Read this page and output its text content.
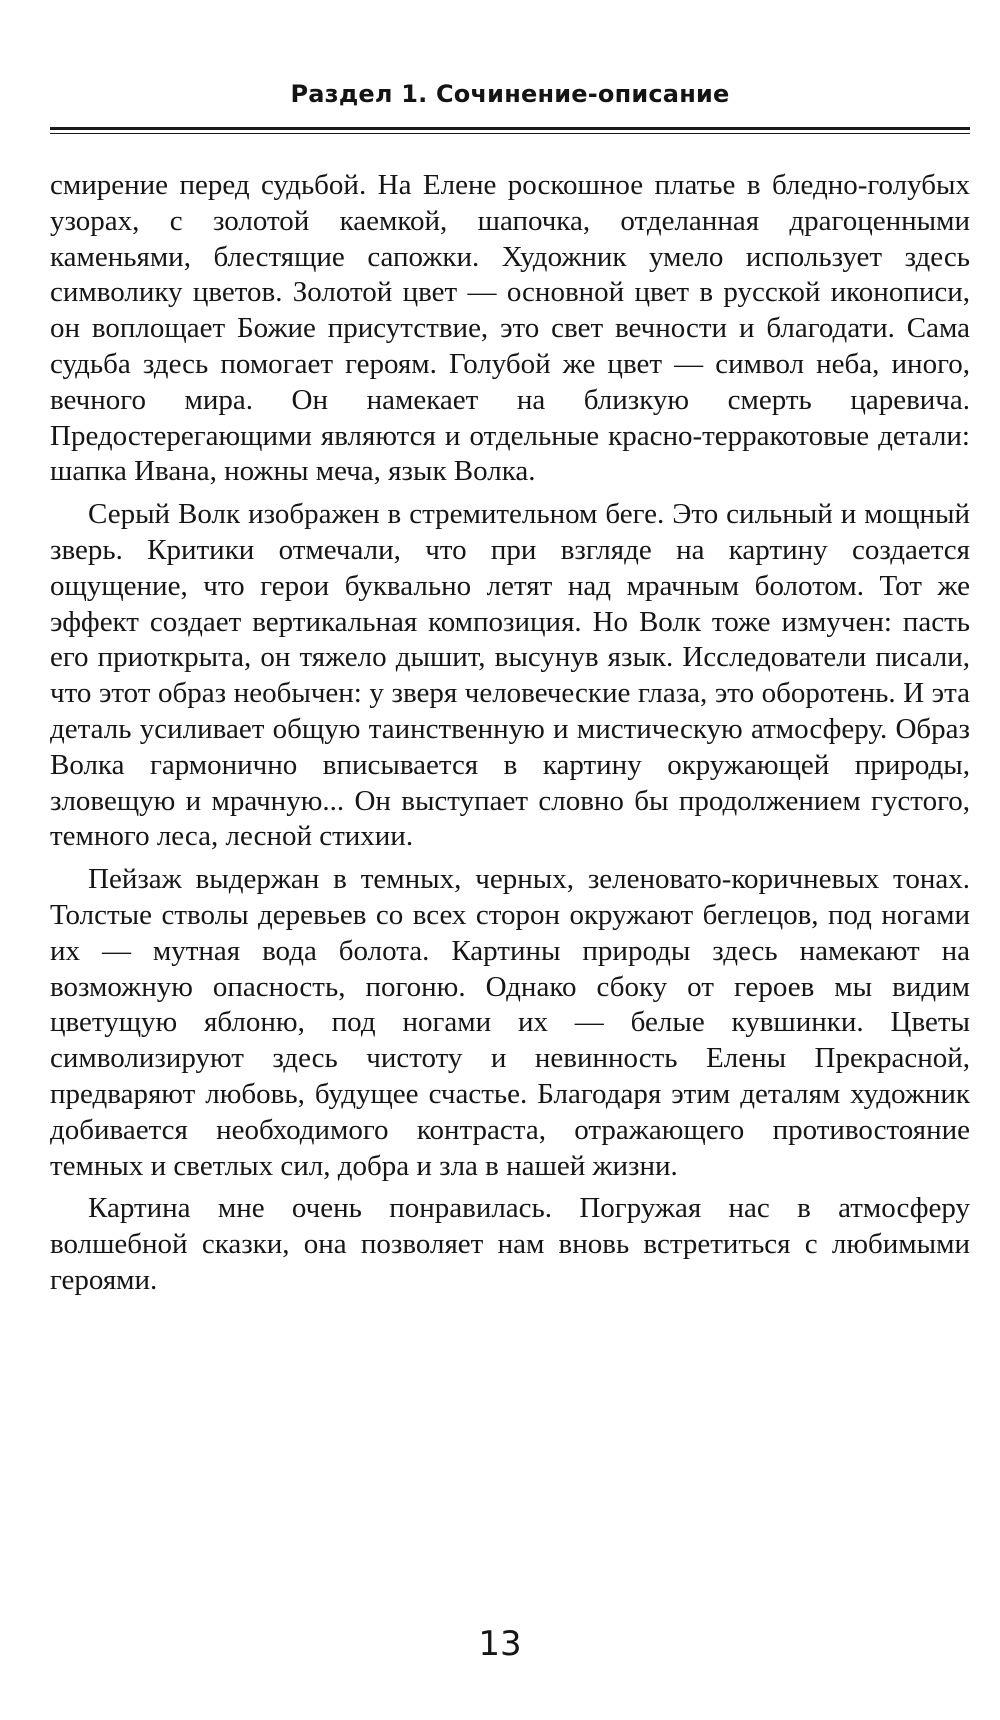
Раздел 1. Сочинение-описание

смирение перед судьбой. На Елене роскошное платье в бледно-голубых узорах, с золотой каемкой, шапочка, отделанная драгоценными каменьями, блестящие сапожки. Художник умело использует здесь символику цветов. Золотой цвет — основной цвет в русской иконописи, он воплощает Божие присутствие, это свет вечности и благодати. Сама судьба здесь помогает героям. Голубой же цвет — символ неба, иного, вечного мира. Он намекает на близкую смерть царевича. Предостерегающими являются и отдельные красно-терракотовые детали: шапка Ивана, ножны меча, язык Волка.

Серый Волк изображен в стремительном беге. Это сильный и мощный зверь. Критики отмечали, что при взгляде на картину создается ощущение, что герои буквально летят над мрачным болотом. Тот же эффект создает вертикальная композиция. Но Волк тоже измучен: пасть его приоткрыта, он тяжело дышит, высунув язык. Исследователи писали, что этот образ необычен: у зверя человеческие глаза, это оборотень. И эта деталь усиливает общую таинственную и мистическую атмосферу. Образ Волка гармонично вписывается в картину окружающей природы, зловещую и мрачную... Он выступает словно бы продолжением густого, темного леса, лесной стихии.

Пейзаж выдержан в темных, черных, зеленовато-коричневых тонах. Толстые стволы деревьев со всех сторон окружают беглецов, под ногами их — мутная вода болота. Картины природы здесь намекают на возможную опасность, погоню. Однако сбоку от героев мы видим цветущую яблоню, под ногами их — белые кувшинки. Цветы символизируют здесь чистоту и невинность Елены Прекрасной, предваряют любовь, будущее счастье. Благодаря этим деталям художник добивается необходимого контраста, отражающего противостояние темных и светлых сил, добра и зла в нашей жизни.

Картина мне очень понравилась. Погружая нас в атмосферу волшебной сказки, она позволяет нам вновь встретиться с любимыми героями.

13
